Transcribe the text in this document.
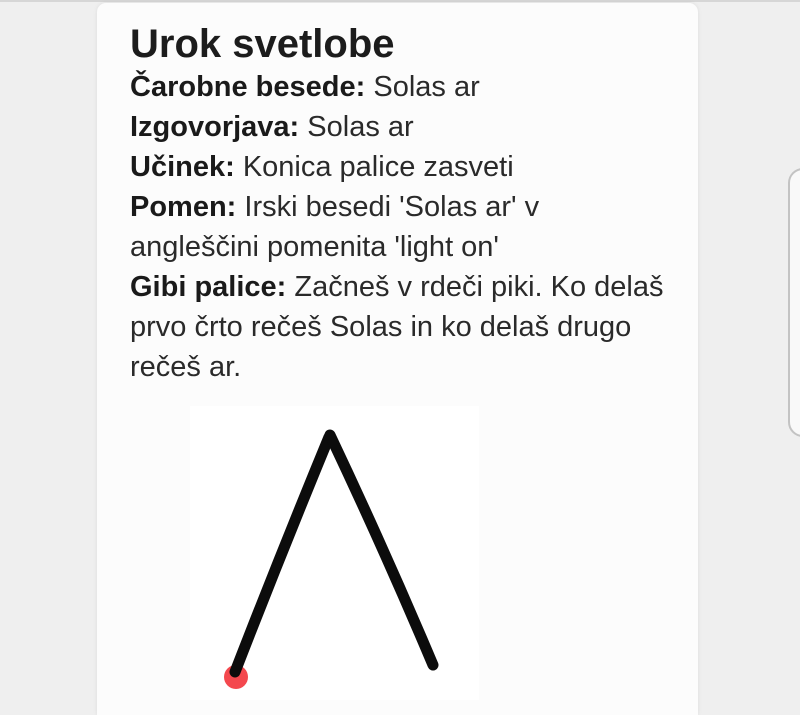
Urok svetlobe
Čarobne besede: Solas ar
Izgovorjava: Solas ar
Učinek: Konica palice zasveti
Pomen: Irski besedi 'Solas ar' v
angleščini pomenita 'light on'
Gibi palice: Začneš v rdeči piki. Ko delaš
prvo črto rečeš Solas in ko delaš drugo
rečeš ar.
